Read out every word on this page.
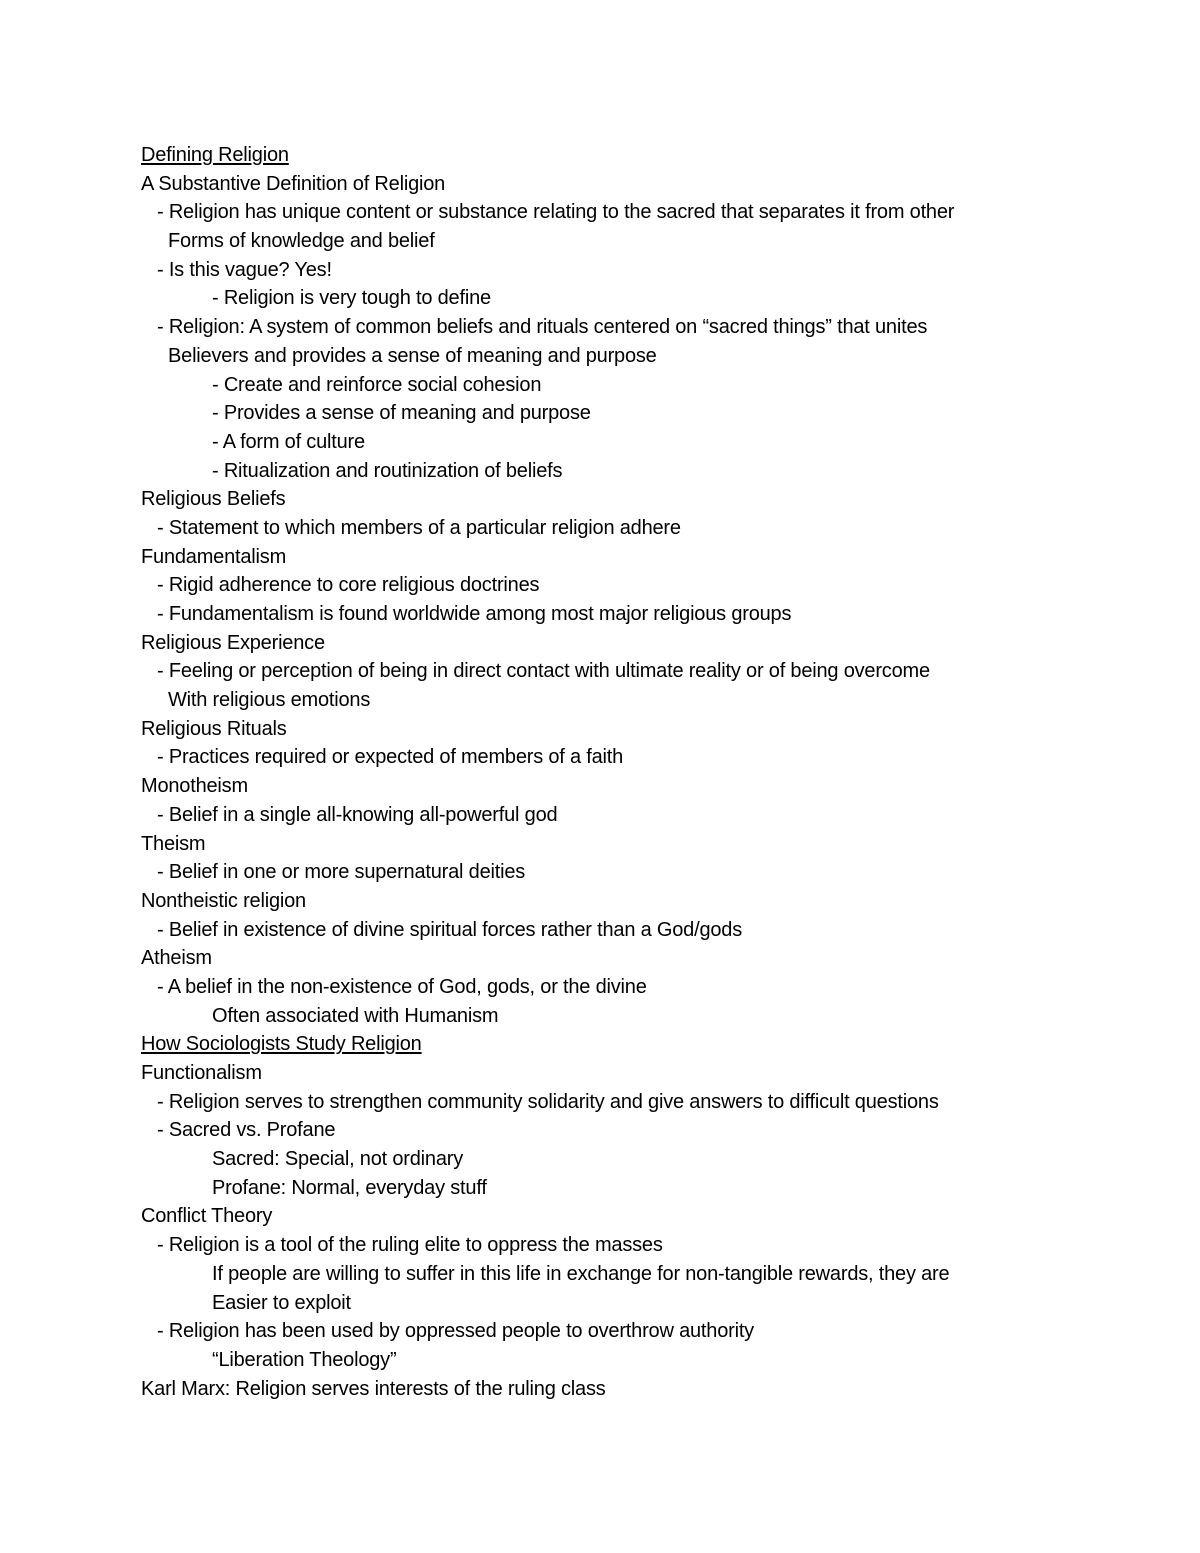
Defining Religion
A Substantive Definition of Religion
- Religion has unique content or substance relating to the sacred that separates it from other
Forms of knowledge and belief
- Is this vague? Yes!
- Religion is very tough to define
- Religion: A system of common beliefs and rituals centered on “sacred things” that unites
Believers and provides a sense of meaning and purpose
- Create and reinforce social cohesion
- Provides a sense of meaning and purpose
- A form of culture
- Ritualization and routinization of beliefs
Religious Beliefs
- Statement to which members of a particular religion adhere
Fundamentalism
- Rigid adherence to core religious doctrines
- Fundamentalism is found worldwide among most major religious groups
Religious Experience
- Feeling or perception of being in direct contact with ultimate reality or of being overcome
With religious emotions
Religious Rituals
- Practices required or expected of members of a faith
Monotheism
- Belief in a single all-knowing all-powerful god
Theism
- Belief in one or more supernatural deities
Nontheistic religion
- Belief in existence of divine spiritual forces rather than a God/gods
Atheism
- A belief in the non-existence of God, gods, or the divine
Often associated with Humanism
How Sociologists Study Religion
Functionalism
- Religion serves to strengthen community solidarity and give answers to difficult questions
- Sacred vs. Profane
Sacred: Special, not ordinary
Profane: Normal, everyday stuff
Conflict Theory
- Religion is a tool of the ruling elite to oppress the masses
If people are willing to suffer in this life in exchange for non-tangible rewards, they are
Easier to exploit
- Religion has been used by oppressed people to overthrow authority
“Liberation Theology”
Karl Marx: Religion serves interests of the ruling class
